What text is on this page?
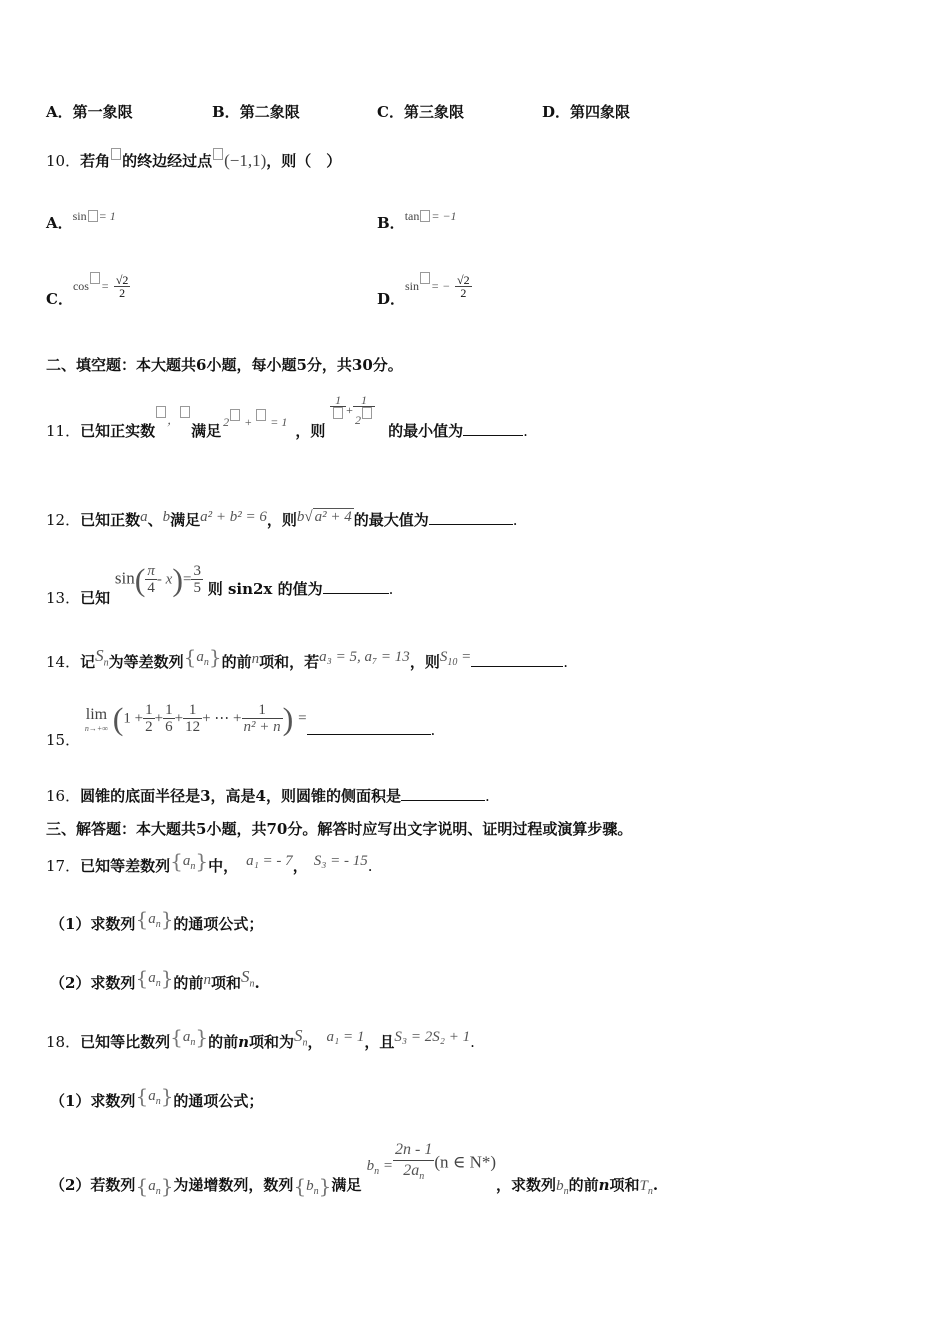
A．第一象限	B．第二象限	C．第三象限	D．第四象限
10．若角 的终边经过点 (−1,1)，则（　）
A．$^{sin}$ $^{= 1}$	B．$^{tan}$ $^{= -1}$
C．$\cos = \frac{√2}{2}$
D．sin = − $\frac{√2}{2}$
二、填空题：本大题共6小题，每小题5分，共30分。
11．已知正实数，满足 $^{2 + = 1}$ ，则
1
+ $\frac{1}{2}$
的最小值为	.
12．已知正数a、b满足a² + b² = 6，则b√ a² + 4 的最大值为	.
13．已知 $\sin( \frac{\pi}{4} - x)= \frac{3}{5}$ 则 sin2x 的值为	.
14．记$S_n$为等差数列$\{a_n\}$的前n项和，若a₃ = 5, a₇ = 13，则$S_{10}$ =	.
15．
lim
n→+∞ ($1 + \frac{1}{2} + \frac{1}{6} + \frac{1}{12}$ + ⋯ + $\frac{1}{\text{n² + n}}$ ) =.
16．圆锥的底面半径是3，高是4，则圆锥的侧面积是	.
三、解答题：本大题共5小题，共70分。解答时应写出文字说明、证明过程或演算步骤。
17．已知等差数列$\{a_n\}$中， a₁ = - 7， S₃ = - 15.
（1）求数列$\{a_n\}$的通项公式；
（2）求数列$\{a_n\}$的前n项和$S_n$.
18．已知等比数列$\{a_n\}$的前n项和为$S_n$， a₁ = 1，且S₃ = 2S₂ + 1.
（1）求数列$\{a_n\}$的通项公式；
（2）若数列$\{a_n\}$为递增数列，数列$\{b_n\}$满足 $b_n = \frac{2n - 1}{2a_n} (n$ ∈ N*)，求数列$b_n$的前n项和$T_n$.
